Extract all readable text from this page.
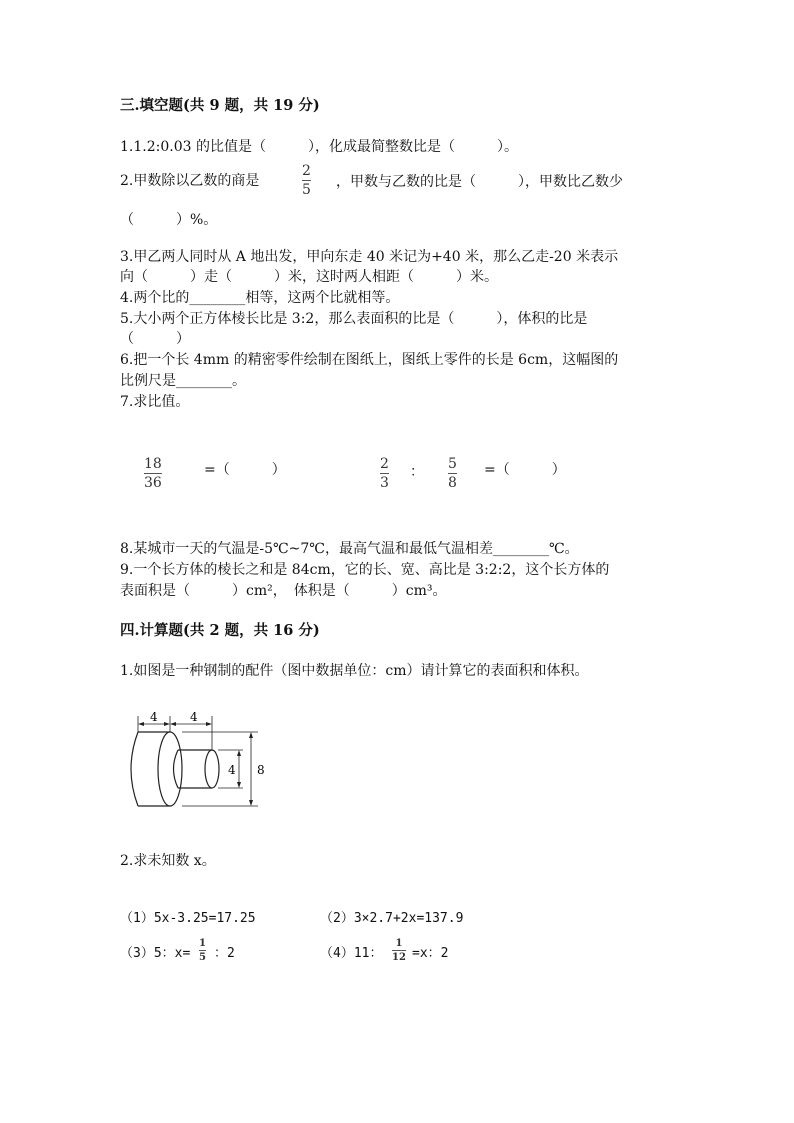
三.填空题(共 9 题，共 19 分)
1.1.2:0.03 的比值是（　　　），化成最简整数比是（　　　）。
2.甲数除以乙数的商是
2
5 ，甲数与乙数的比是（　　　），甲数比乙数少
（　　　）%。
3.甲乙两人同时从 A 地出发，甲向东走 40 米记为+40 米，那么乙走-20 米表示
向（　　　）走（　　　）米，这时两人相距（　　　）米。
4.两个比的________相等，这两个比就相等。
5.大小两个正方体棱长比是 3:2，那么表面积的比是（　　　），体积的比是
（　　　）
6.把一个长 4mm 的精密零件绘制在图纸上，图纸上零件的长是 6cm，这幅图的
比例尺是________。
7.求比值。
18
36
=（　　　）	2
3
： 5
8
=（　　　）
8.某城市一天的气温是-5℃~7℃，最高气温和最低气温相差________℃。
9.一个长方体的棱长之和是 84cm，它的长、宽、高比是 3:2:2，这个长方体的
表面积是（　　　）cm²，　体积是（　　　）cm³。
四.计算题(共 2 题，共 16 分)
1.如图是一种钢制的配件（图中数据单位：cm）请计算它的表面积和体积。
4	4
4 8
2.求未知数 x。
（1）5x-3.25=17.25	（2）3×2.7+2x=137.9
（3）5：x=
1
5 ：2	（4）11：
1
12 =x：2
